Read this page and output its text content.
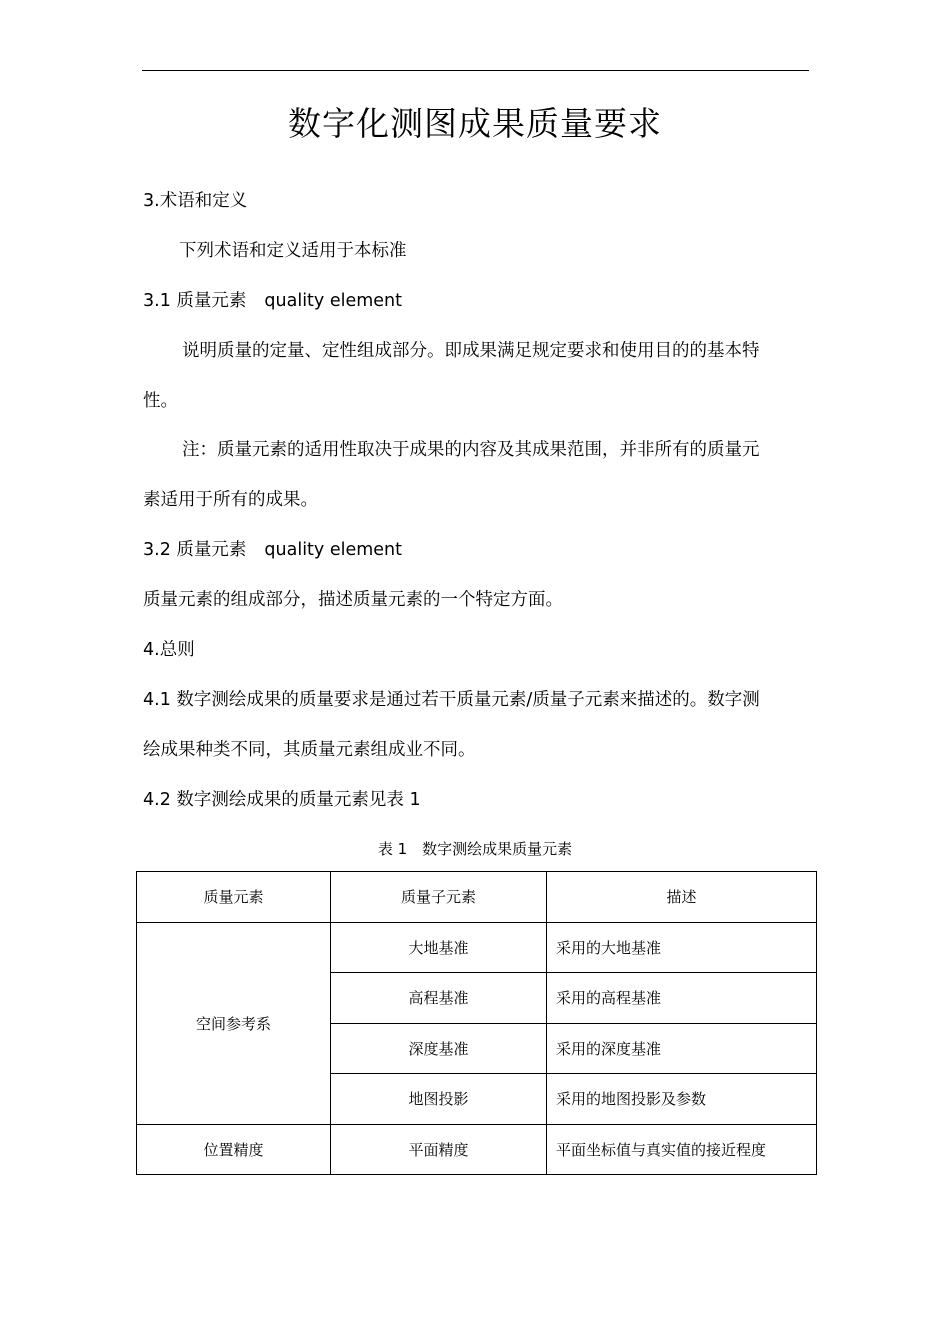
数字化测图成果质量要求
3.术语和定义
下列术语和定义适用于本标准
3.1 质量元素 quality element
说明质量的定量、定性组成部分。即成果满足规定要求和使用目的的基本特
性。
注：质量元素的适用性取决于成果的内容及其成果范围，并非所有的质量元
素适用于所有的成果。
3.2 质量元素 quality element
质量元素的组成部分，描述质量元素的一个特定方面。
4.总则
4.1 数字测绘成果的质量要求是通过若干质量元素/质量子元素来描述的。数字测
绘成果种类不同，其质量元素组成业不同。
4.2 数字测绘成果的质量元素见表 1
表 1　数字测绘成果质量元素
质量元素	质量子元素	描述
空间参考系	大地基准	采用的大地基准
	高程基准	采用的高程基准
	深度基准	采用的深度基准
	地图投影	采用的地图投影及参数
位置精度	平面精度	平面坐标值与真实值的接近程度
